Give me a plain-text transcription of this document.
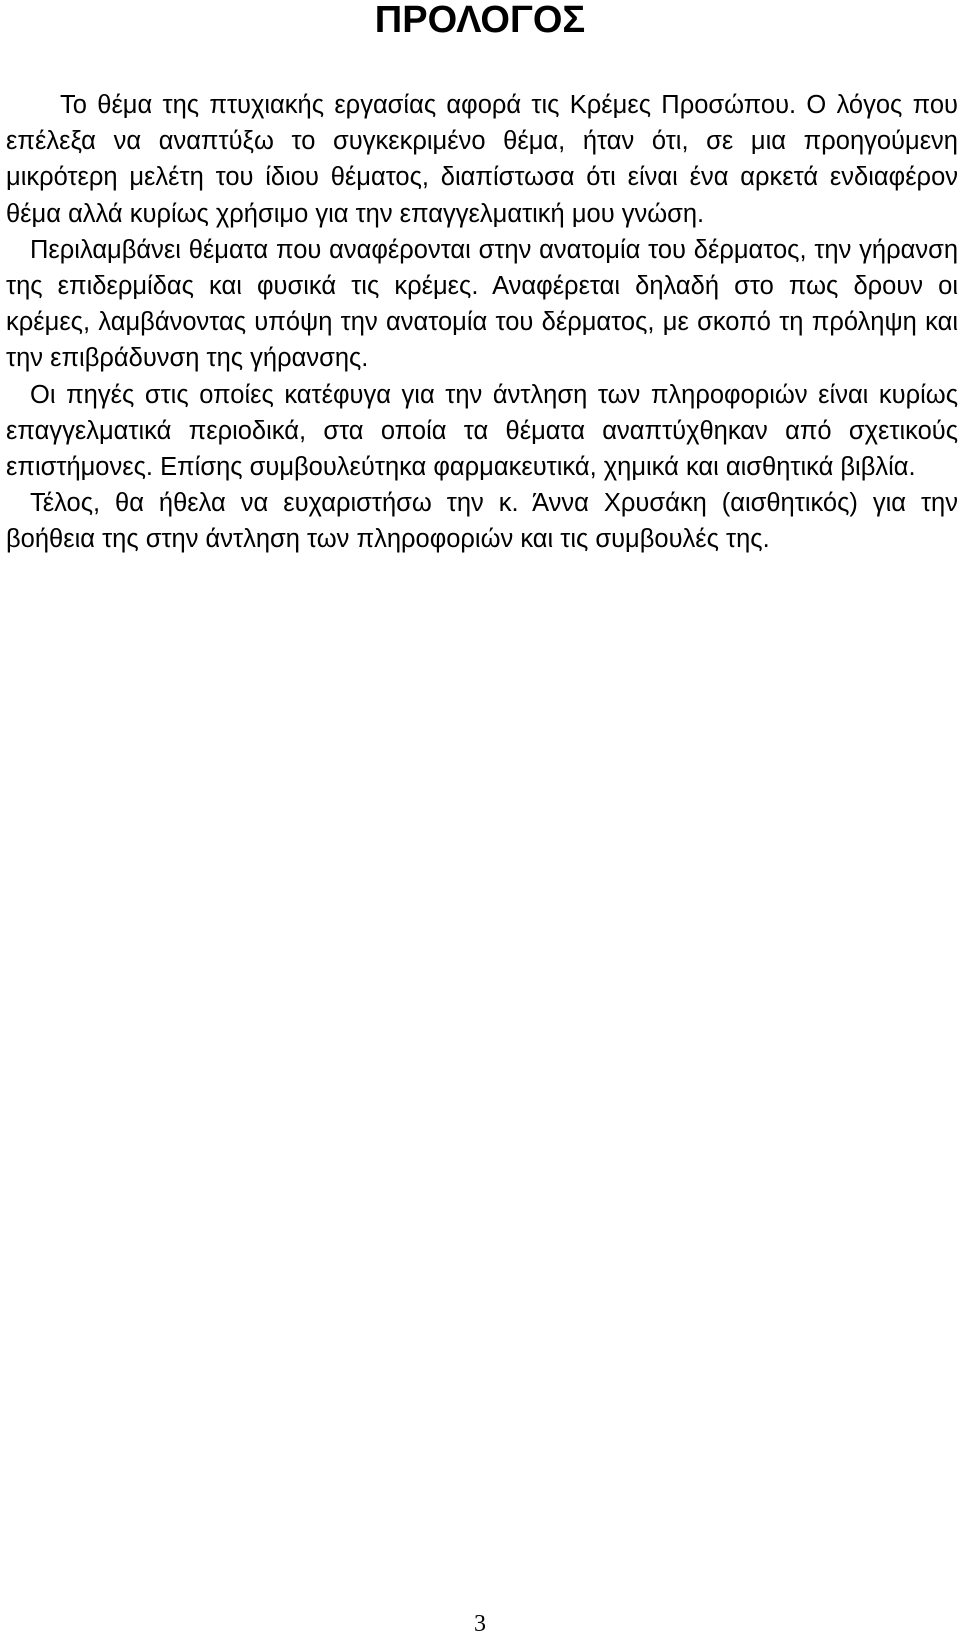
ΠΡΟΛΟΓΟΣ

Το θέμα της πτυχιακής εργασίας αφορά τις Κρέμες Προσώπου. Ο λόγος που επέλεξα να αναπτύξω το συγκεκριμένο θέμα, ήταν ότι, σε μια προηγούμενη μικρότερη μελέτη του ίδιου θέματος, διαπίστωσα ότι είναι ένα αρκετά ενδιαφέρον θέμα αλλά κυρίως χρήσιμο για την επαγγελματική μου γνώση.

Περιλαμβάνει θέματα που αναφέρονται στην ανατομία του δέρματος, την γήρανση της επιδερμίδας και φυσικά τις κρέμες. Αναφέρεται δηλαδή στο πως δρουν οι κρέμες, λαμβάνοντας υπόψη την ανατομία του δέρματος, με σκοπό τη πρόληψη και την επιβράδυνση της γήρανσης.

Οι πηγές στις οποίες κατέφυγα για την άντληση των πληροφοριών είναι κυρίως επαγγελματικά περιοδικά, στα οποία τα θέματα αναπτύχθηκαν από σχετικούς επιστήμονες. Επίσης συμβουλεύτηκα φαρμακευτικά, χημικά και αισθητικά βιβλία.

Τέλος, θα ήθελα να ευχαριστήσω την κ. Άννα Χρυσάκη (αισθητικός) για την βοήθεια της στην άντληση των πληροφοριών και τις συμβουλές της.

3
